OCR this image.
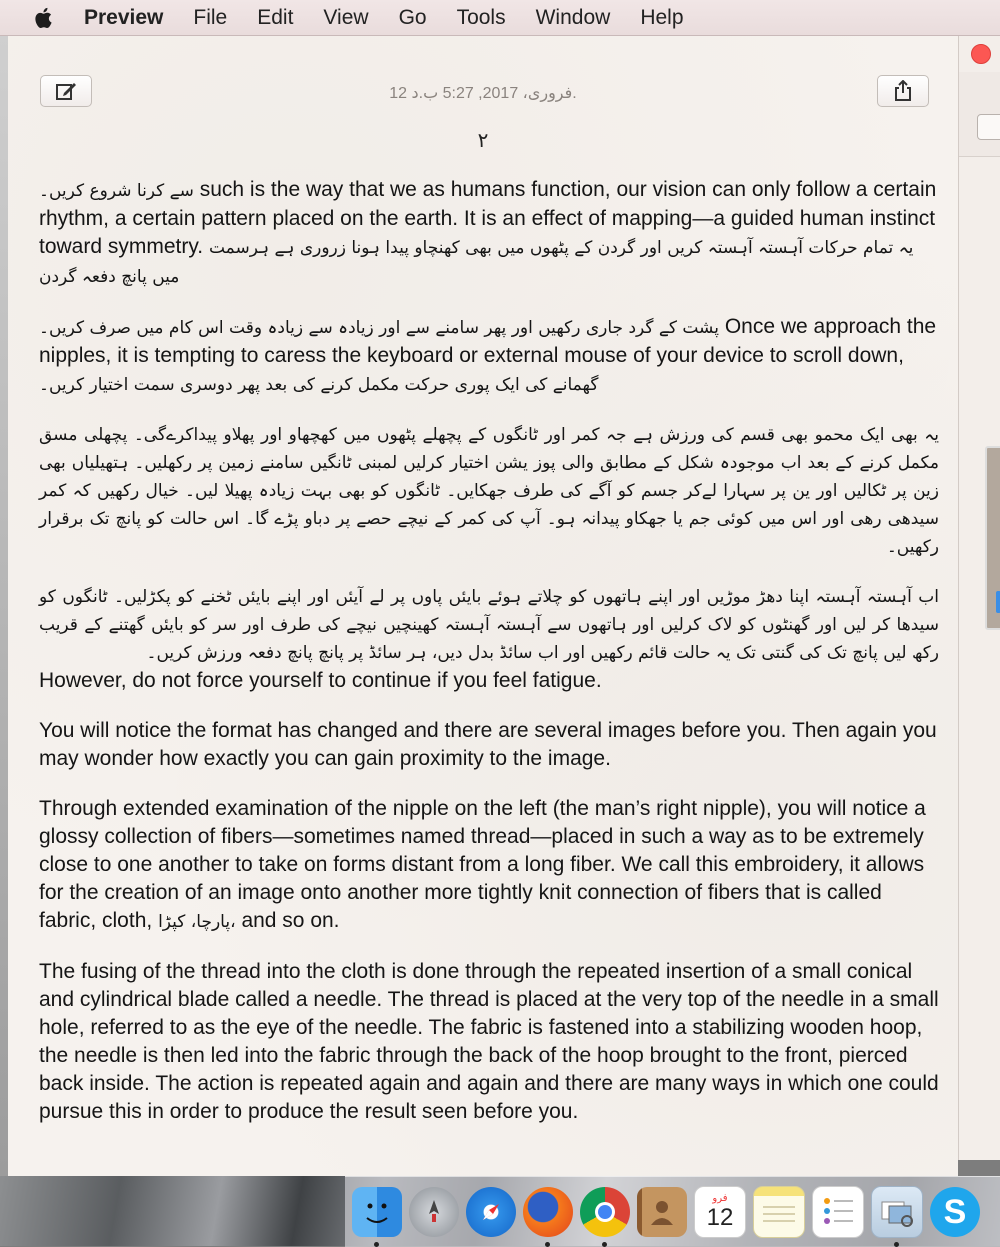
Preview File Edit View Go Tools Window Help
12 فروری، 2017, 5:27 ب.د.
٢

سے کرنا شروع کریں۔ such is the way that we as humans function, our vision can only follow a certain rhythm, a certain pattern placed on the earth. It is an effect of mapping—a guided human instinct toward symmetry. یہ تمام حرکات آہستہ آہستہ کریں اور گردن کے پٹھوں میں بھی کھنچاو پیدا ہونا زروری ہے ہرسمت میں پانچ دفعہ گردن

پشت کے گرد جاری رکھیں اور پھر سامنے سے اور زیادہ سے زیادہ وقت اس کام میں صرف کریں۔ Once we approach the nipples, it is tempting to caress the keyboard or external mouse of your device to scroll down, گھمانے کی ایک پوری حرکت مکمل کرنے کی بعد پھر دوسری سمت اختیار کریں۔

یہ بھی ایک محمو بھی قسم کی ورزش ہے جہ کمر اور ٹانگوں کے پچھلے پٹھوں میں کھچھاو اور پھلاو پیداکرےگی۔ پچھلی مسق مکمل کرنے کے بعد اب موجودہ شکل کے مطابق والی پوز یشن اختیار کرلیں لمبنی ٹانگیں سامنے زمین پر رکھلیں۔ ہتھیلیاں بھی زین پر ٹکالیں اور ین پر سہارا لےکر جسم کو آگے کی طرف جھکایں۔ ٹانگوں کو بھی بہت زیادہ پھیلا لیں۔ خیال رکھیں کہ کمر سیدھی رھی اور اس میں کوئی جم یا جھکاو پیدانہ ہو۔ آپ کی کمر کے نیچے حصے پر دباو پڑے گا۔ اس حالت کو پانچ تک برقرار رکھیں۔

اب آہستہ آہستہ اپنا دھڑ موڑیں اور اپنے ہاتھوں کو چلاتے ہوئے بایئں پاوں پر لے آیئں اور اپنے بایئں ٹخنے کو پکڑلیں۔ ٹانگوں کو سیدھا کر لیں اور گھنٹوں کو لاک کرلیں اور ہاتھوں سے آہستہ آہستہ کھینچیں نیچے کی طرف اور سر کو بایئں گھتنے کے قریب رکھ لیں پانچ تک کی گنتی تک یہ حالت قائم رکھیں اور اب سائڈ بدل دیں، ہر سائڈ پر پانچ پانچ دفعہ ورزش کریں۔
However, do not force yourself to continue if you feel fatigue.

You will notice the format has changed and there are several images before you. Then again you may wonder how exactly you can gain proximity to the image.

Through extended examination of the nipple on the left (the man’s right nipple), you will notice a glossy collection of fibers—sometimes named thread—placed in such a way as to be extremely close to one another to take on forms distant from a long fiber. We call this embroidery, it allows for the creation of an image onto another more tightly knit connection of fibers that is called fabric, cloth, پارچا، کپڑا، and so on.

The fusing of the thread into the cloth is done through the repeated insertion of a small conical and cylindrical blade called a needle. The thread is placed at the very top of the needle in a small hole, referred to as the eye of the needle. The fabric is fastened into a stabilizing wooden hoop, the needle is then led into the fabric through the back of the hoop brought to the front, pierced back inside. The action is repeated again and again and there are many ways in which one could pursue this in order to produce the result seen before you.

فرو
12	S
